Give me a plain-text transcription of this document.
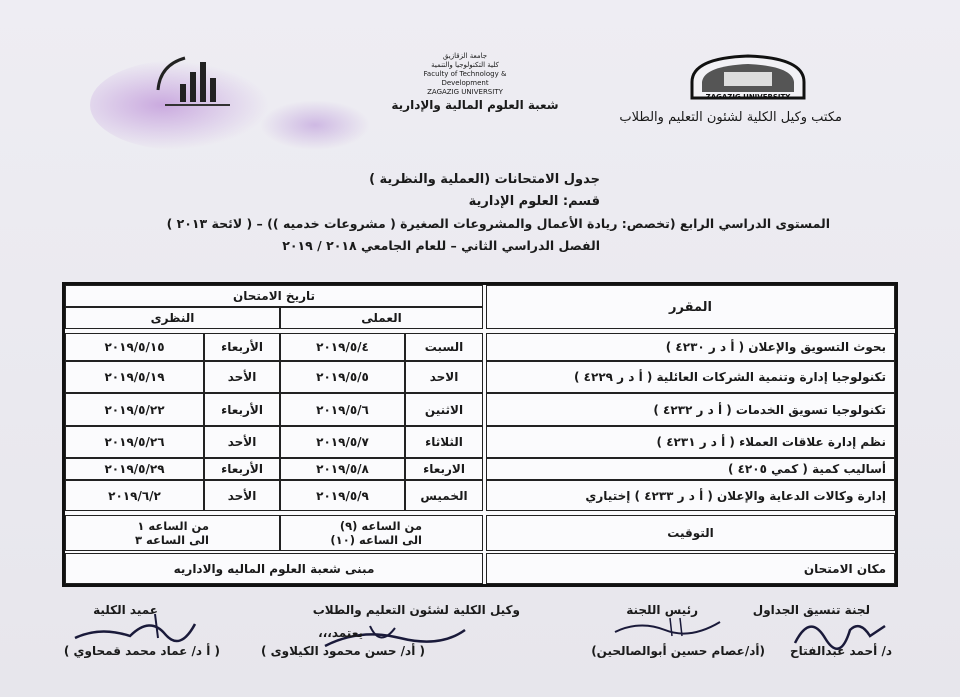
ZAGAZIG UNIVERSITY
مكتب وكيل الكلية لشئون التعليم والطلاب
جامعة الزقازيق
كلية التكنولوجيا والتنمية
Faculty of Technology & Development
ZAGAZIG UNIVERSITY
شعبة العلوم المالية والإدارية
جدول الامتحانات (العملية والنظرية )
قسم: العلوم الإدارية
المستوى الدراسي الرابع (تخصص: ريادة الأعمال والمشروعات الصغيرة ( مشروعات خدميه )) – ( لائحة ٢٠١٣ )
الفصل الدراسي الثاني – للعام الجامعي ٢٠١٨ / ٢٠١٩
المقرر
تاريخ الامتحان
العملى
النظرى
بحوث التسويق والإعلان ( أ د ر ٤٢٣٠ )
السبت
٢٠١٩/٥/٤
الأربعاء
٢٠١٩/٥/١٥
تكنولوجيا إدارة وتنمية الشركات العائلية ( أ د ر ٤٢٢٩ )
الاحد
٢٠١٩/٥/٥
الأحد
٢٠١٩/٥/١٩
تكنولوجيا تسويق الخدمات ( أ د ر ٤٢٣٢ )
الاثنين
٢٠١٩/٥/٦
الأربعاء
٢٠١٩/٥/٢٢
نظم إدارة علاقات العملاء ( أ د ر ٤٢٣١ )
الثلاثاء
٢٠١٩/٥/٧
الأحد
٢٠١٩/٥/٢٦
أساليب كمية ( كمي ٤٢٠٥ )
الاربعاء
٢٠١٩/٥/٨
الأربعاء
٢٠١٩/٥/٢٩
إدارة وكالات الدعاية والإعلان ( أ د ر ٤٢٣٣ ) إختياري
الخميس
٢٠١٩/٥/٩
الأحد
٢٠١٩/٦/٢
التوقيت
من الساعه (٩)
الى الساعه (١٠)
من الساعه ١
الى الساعه ٣
مكان الامتحان
مبنى شعبة العلوم الماليه والاداريه
لجنة تنسيق الجداول
د/ أحمد عبدالفتاح
رئيس اللجنة
(أد/عصام حسين أبوالصالحين)
وكيل الكلية لشئون التعليم والطلاب
يعتمد،،،
( أد/ حسن محمود الكيلاوى )
عميد الكلية
( أ د/ عماد محمد قمحاوي )
